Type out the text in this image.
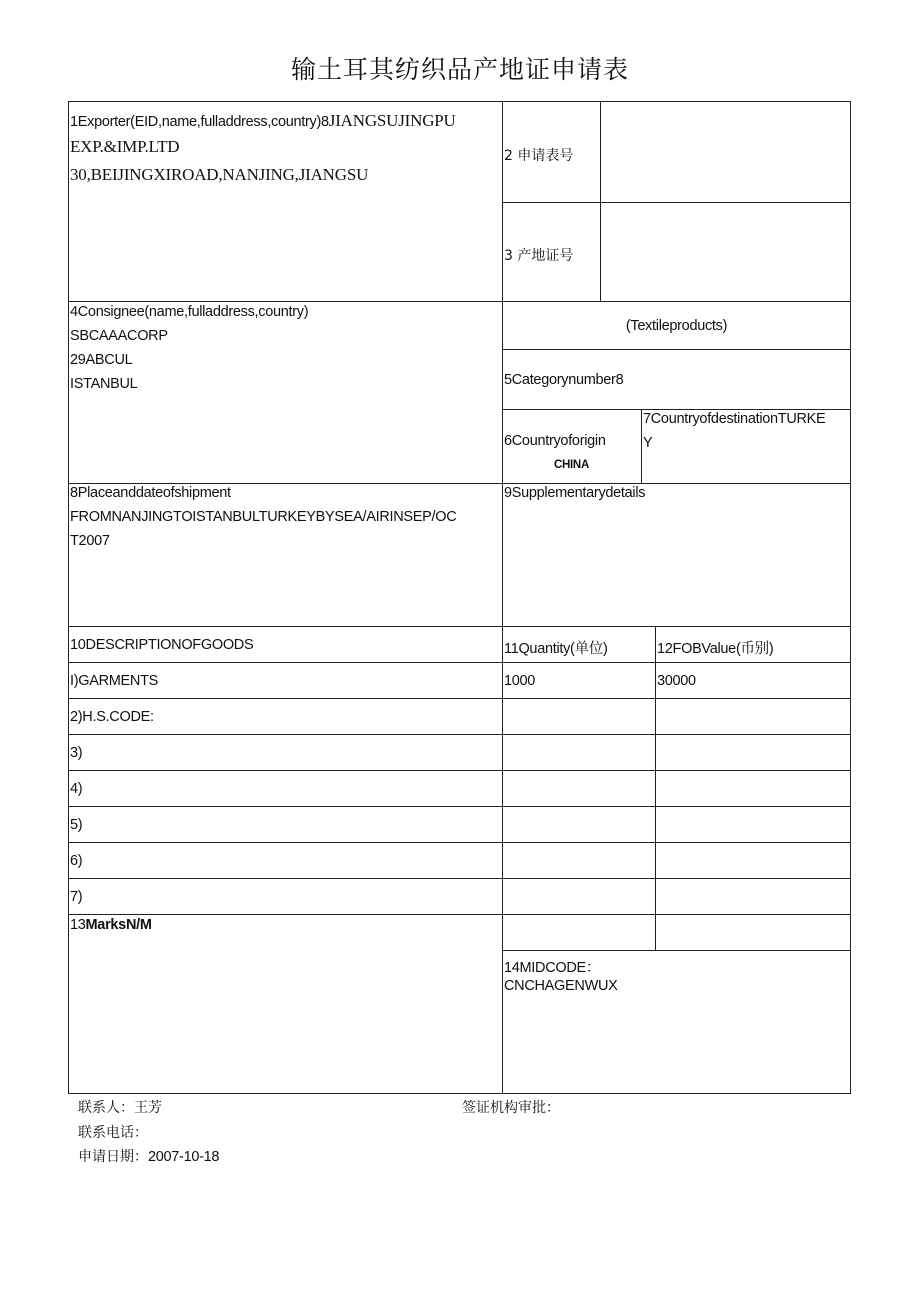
输土耳其纺织品产地证申请表
1Exporter(EID,name,fulladdress,country)8JIANGSUJINGPU
EXP.&IMP.LTD
30,BEIJINGXIROAD,NANJING,JIANGSU
2 申请表号
3 产地证号
4Consignee(name,fulladdress,country)
SBCAAACORP
29ABCUL
ISTANBUL
(Textileproducts)
5Categorynumber8
6Countryoforigin
CHINA
7CountryofdestinationTURKE
Y
8Placeanddateofshipment
FROMNANJINGTOISTANBULTURKEYBYSEA/AIRINSEP/OC
T2007
9Supplementarydetails
10DESCRIPTIONOFGOODS	11Quantity(单位)	12FOBValue(币别)
I)GARMENTS	1000	30000
2)H.S.CODE:
3)
4)
5)
6)
7)
13MarksN/M
14MIDCODE：
CNCHAGENWUX
联系人：王芳
联系电话：
申请日期：2007-10-18
签证机构审批：
